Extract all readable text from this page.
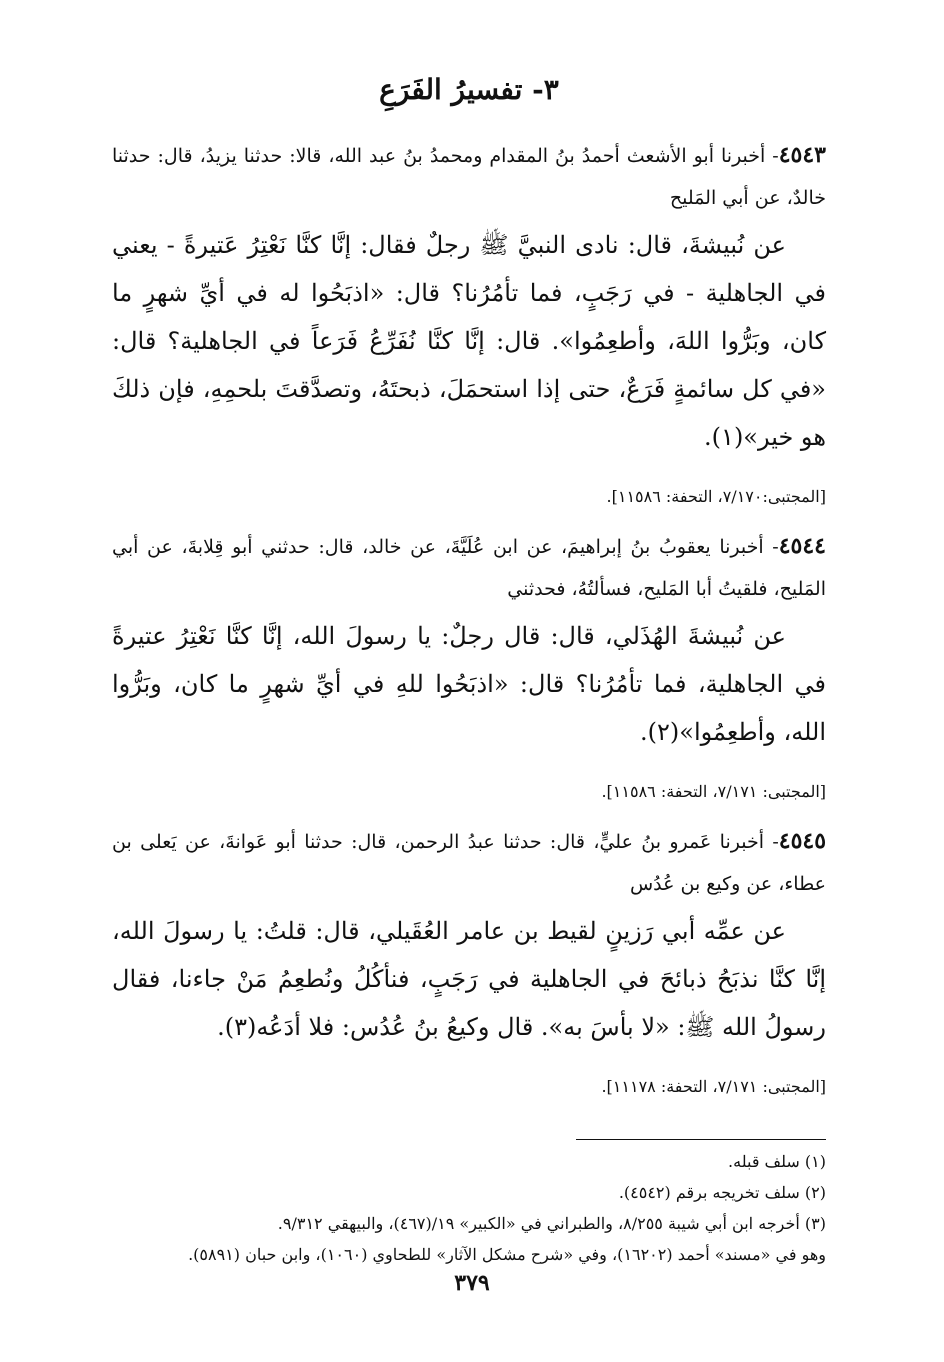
٣- تفسيرُ الفَرَعِ

٤٥٤٣- أخبرنا أبو الأشعث أحمدُ بنُ المقدام ومحمدُ بنُ عبد الله، قالا: حدثنا يزيدُ، قال: حدثنا خالدٌ، عن أبي المَليح

عن نُبيشةَ، قال: نادى النبيَّ ﷺ رجلٌ فقال: إنَّا كنَّا نَعْتِرُ عَتيرةً - يعني في الجاهلية - في رَجَبٍ، فما تأمُرُنا؟ قال: «اذبَحُوا له في أيِّ شهرٍ ما كان، وبَرُّوا اللهَ، وأطعِمُوا». قال: إنَّا كنَّا نُفَرِّعُ فَرَعاً في الجاهلية؟ قال: «في كل سائمةٍ فَرَعٌ، حتى إذا استحمَلَ، ذبحتَهُ، وتصدَّقتَ بلحمِهِ، فإن ذلكَ هو خير»(١).

[المجتبى:٧/١٧٠، التحفة: ١١٥٨٦].

٤٥٤٤- أخبرنا يعقوبُ بنُ إبراهيمَ، عن ابن عُلَيَّةَ، عن خالد، قال: حدثني أبو قِلابةَ، عن أبي المَليح، فلقيتُ أبا المَليح، فسألتُهُ، فحدثني

عن نُبيشةَ الهُذَلي، قال: قال رجلٌ: يا رسولَ الله، إنَّا كنَّا نَعْتِرُ عتيرةً في الجاهلية، فما تأمُرُنا؟ قال: «اذبَحُوا للهِ في أيِّ شهرٍ ما كان، وبَرُّوا الله، وأطعِمُوا»(٢).

[المجتبى: ٧/١٧١، التحفة: ١١٥٨٦].

٤٥٤٥- أخبرنا عَمرو بنُ عليٍّ، قال: حدثنا عبدُ الرحمن، قال: حدثنا أبو عَوانةَ، عن يَعلى بن عطاء، عن وكيع بن عُدُس

عن عمِّه أبي رَزينٍ لقيط بن عامر العُقَيلي، قال: قلتُ: يا رسولَ الله، إنَّا كنَّا نذبَحُ ذبائحَ في الجاهلية في رَجَبٍ، فنأكُلُ ونُطعِمُ مَنْ جاءنا، فقال رسولُ الله ﷺ: «لا بأسَ به». قال وكيعُ بنُ عُدُس: فلا أدَعُه(٣).

[المجتبى: ٧/١٧١، التحفة: ١١١٧٨].

(١) سلف قبله.

(٢) سلف تخريجه برقم (٤٥٤٢).

(٣) أخرجه ابن أبي شيبة ٨/٢٥٥، والطبراني في «الكبير» ١٩/(٤٦٧)، والبيهقي ٩/٣١٢.

وهو في «مسند» أحمد (١٦٢٠٢)، وفي «شرح مشكل الآثار» للطحاوي (١٠٦٠)، وابن حبان (٥٨٩١).

٣٧٩
